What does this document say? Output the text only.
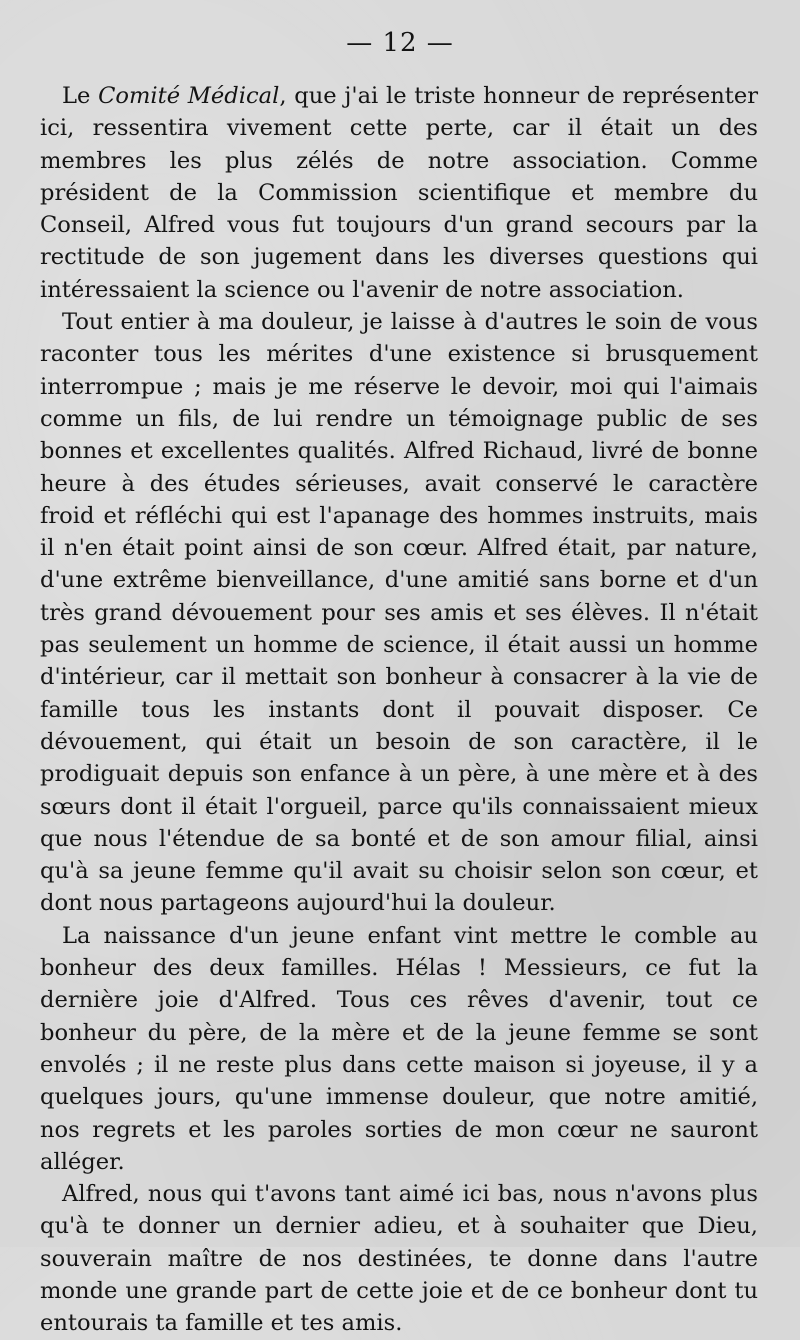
— 12 —

Le Comité Médical, que j'ai le triste honneur de représenter ici, ressentira vivement cette perte, car il était un des membres les plus zélés de notre association. Comme président de la Commission scientifique et membre du Conseil, Alfred vous fut toujours d'un grand secours par la rectitude de son jugement dans les diverses questions qui intéressaient la science ou l'avenir de notre association.

Tout entier à ma douleur, je laisse à d'autres le soin de vous raconter tous les mérites d'une existence si brusquement interrompue ; mais je me réserve le devoir, moi qui l'aimais comme un fils, de lui rendre un témoignage public de ses bonnes et excellentes qualités. Alfred Richaud, livré de bonne heure à des études sérieuses, avait conservé le caractère froid et réfléchi qui est l'apanage des hommes instruits, mais il n'en était point ainsi de son cœur. Alfred était, par nature, d'une extrême bienveillance, d'une amitié sans borne et d'un très grand dévouement pour ses amis et ses élèves. Il n'était pas seulement un homme de science, il était aussi un homme d'intérieur, car il mettait son bonheur à consacrer à la vie de famille tous les instants dont il pouvait disposer. Ce dévouement, qui était un besoin de son caractère, il le prodiguait depuis son enfance à un père, à une mère et à des sœurs dont il était l'orgueil, parce qu'ils connaissaient mieux que nous l'étendue de sa bonté et de son amour filial, ainsi qu'à sa jeune femme qu'il avait su choisir selon son cœur, et dont nous partageons aujourd'hui la douleur.

La naissance d'un jeune enfant vint mettre le comble au bonheur des deux familles. Hélas ! Messieurs, ce fut la dernière joie d'Alfred. Tous ces rêves d'avenir, tout ce bonheur du père, de la mère et de la jeune femme se sont envolés ; il ne reste plus dans cette maison si joyeuse, il y a quelques jours, qu'une immense douleur, que notre amitié, nos regrets et les paroles sorties de mon cœur ne sauront alléger.

Alfred, nous qui t'avons tant aimé ici bas, nous n'avons plus qu'à te donner un dernier adieu, et à souhaiter que Dieu, souverain maître de nos destinées, te donne dans l'autre monde une grande part de cette joie et de ce bonheur dont tu entourais ta famille et tes amis.
